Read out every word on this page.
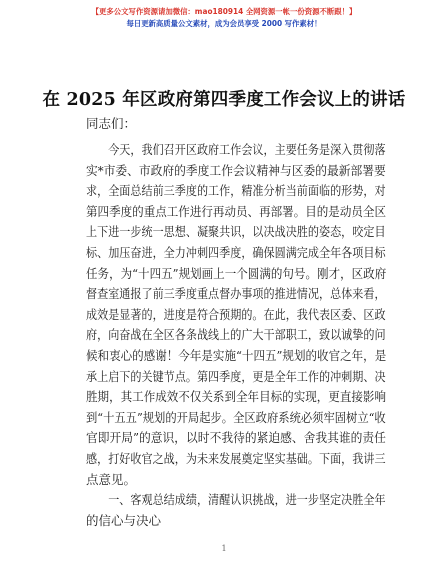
【更多公文写作资源请加微信：mao180914 全网资源一帐一份资源不断跟！】
每日更新高质量公文素材，成为会员享受 2000 写作素材！
在 2025 年区政府第四季度工作会议上的讲话
同志们：
　　今天，我们召开区政府工作会议，主要任务是深入贯彻落
实*市委、市政府的季度工作会议精神与区委的最新部署要
求，全面总结前三季度的工作，精准分析当前面临的形势，对
第四季度的重点工作进行再动员、再部署。目的是动员全区
上下进一步统一思想、凝聚共识，以决战决胜的姿态，咬定目
标、加压奋进，全力冲刺四季度，确保圆满完成全年各项目标
任务，为“十四五”规划画上一个圆满的句号。刚才，区政府
督查室通报了前三季度重点督办事项的推进情况，总体来看，
成效是显著的，进度是符合预期的。在此，我代表区委、区政
府，向奋战在全区各条战线上的广大干部职工，致以诚挚的问
候和衷心的感谢！今年是实施“十四五”规划的收官之年，是
承上启下的关键节点。第四季度，更是全年工作的冲刺期、决
胜期，其工作成效不仅关系到全年目标的实现，更直接影响
到“十五五”规划的开局起步。全区政府系统必须牢固树立“收
官即开局”的意识，以时不我待的紧迫感、舍我其谁的责任
感，打好收官之战，为未来发展奠定坚实基础。下面，我讲三
点意见。
　　一、客观总结成绩，清醒认识挑战，进一步坚定决胜全年
的信心与决心
1
